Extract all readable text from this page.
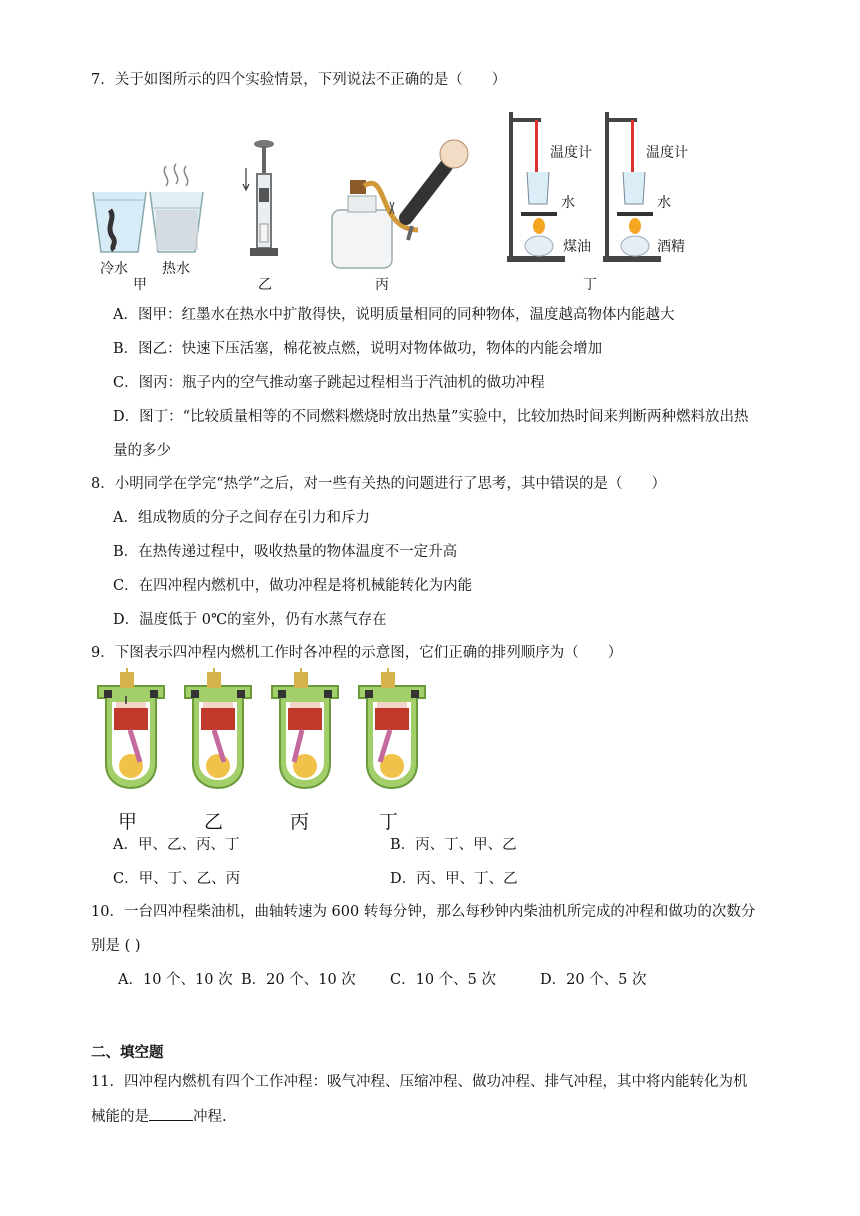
7．关于如图所示的四个实验情景，下列说法不正确的是（　　）
冷水 热水
甲	乙	丙
温度计
水
煤油
温度计
水
酒精
丁
A．图甲：红墨水在热水中扩散得快，说明质量相同的同种物体，温度越高物体内能越大
B．图乙：快速下压活塞，棉花被点燃，说明对物体做功，物体的内能会增加
C．图丙：瓶子内的空气推动塞子跳起过程相当于汽油机的做功冲程
D．图丁：“比较质量相等的不同燃料燃烧时放出热量”实验中，比较加热时间来判断两种燃料放出热
量的多少
8．小明同学在学完“热学”之后，对一些有关热的问题进行了思考，其中错误的是（　　）
A．组成物质的分子之间存在引力和斥力
B．在热传递过程中，吸收热量的物体温度不一定升高
C．在四冲程内燃机中，做功冲程是将机械能转化为内能
D．温度低于 0℃的室外，仍有水蒸气存在
9．下图表示四冲程内燃机工作时各冲程的示意图，它们正确的排列顺序为（　　）
甲	乙	丙	丁
A．甲、乙、丙、丁	B．丙、丁、甲、乙
C．甲、丁、乙、丙	D．丙、甲、丁、乙
10．一台四冲程柴油机，曲轴转速为 600 转每分钟，那么每秒钟内柴油机所完成的冲程和做功的次数分
别是 ( )
A．10 个、10 次 B．20 个、10 次 C．10 个、5 次	D．20 个、5 次
二、填空题
11．四冲程内燃机有四个工作冲程：吸气冲程、压缩冲程、做功冲程、排气冲程，其中将内能转化为机
械能的是	冲程.
